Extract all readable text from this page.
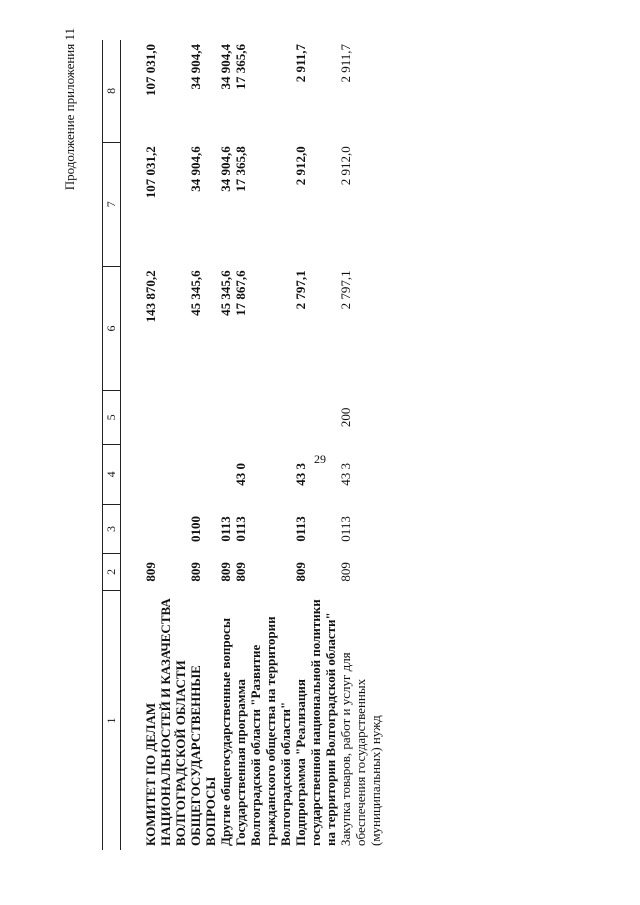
29
Продолжение приложения 11
1	2	3	4	5	6	7	8

КОМИТЕТ ПО ДЕЛАМ НАЦИОНАЛЬНОСТЕЙ И КАЗАЧЕСТВА ВОЛГОГРАДСКОЙ ОБЛАСТИ	809				143 870,2	107 031,2	107 031,0
ОБЩЕГОСУДАРСТВЕННЫЕ ВОПРОСЫ	809	0100			45 345,6	34 904,6	34 904,4
Другие общегосударственные вопросы	809	0113			45 345,6	34 904,6	34 904,4
Государственная программа Волгоградской области "Развитие гражданского общества на территории Волгоградской области"	809	0113	43 0		17 867,6	17 365,8	17 365,6
Подпрограмма "Реализация государственной национальной политики на территории Волгоградской области"	809	0113	43 3		2 797,1	2 912,0	2 911,7
Закупка товаров, работ и услуг для обеспечения государственных (муниципальных) нужд	809	0113	43 3	200	2 797,1	2 912,0	2 911,7
